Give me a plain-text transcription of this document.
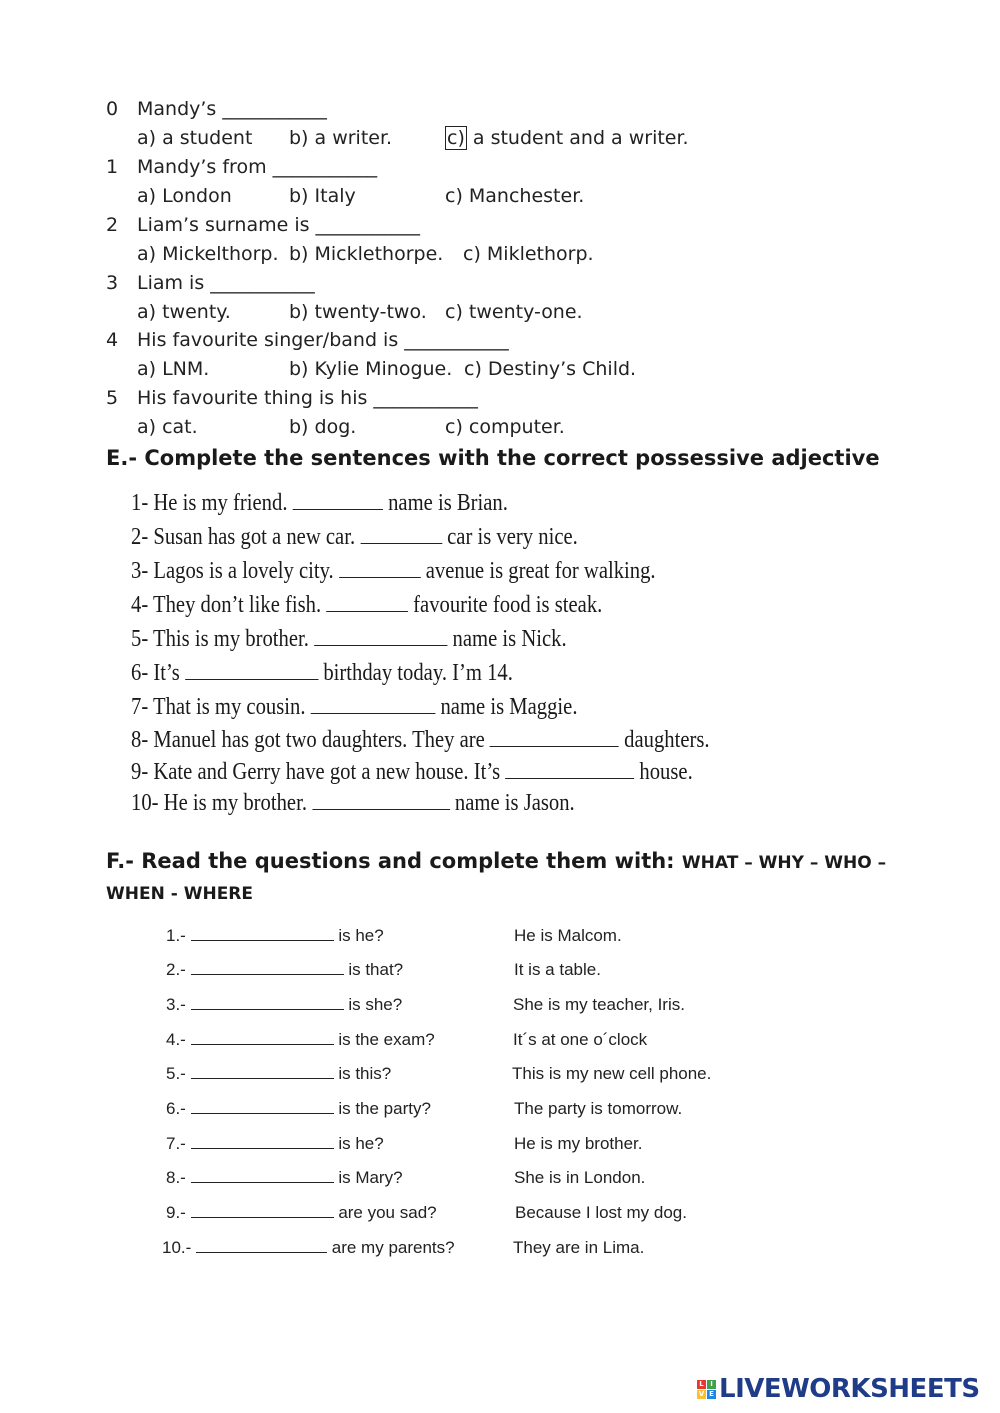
0 Mandy’s ___________
a) a student b) a writer.	c) a student and a writer.
1 Mandy’s from ___________
a) London	b) Italy	c) Manchester.
2 Liam’s surname is ___________
a) Mickelthorp. b) Micklethorpe. c) Miklethorp.
3 Liam is ___________
a) twenty.	b) twenty-two. c) twenty-one.
4 His favourite singer/band is ___________
a) LNM.	b) Kylie Minogue. c) Destiny’s Child.
5 His favourite thing is his ___________
a) cat.	b) dog.	c) computer.
E.- Complete the sentences with the correct possessive adjective
1- He is my friend.	name is Brian.
2- Susan has got a new car.	car is very nice.
3- Lagos is a lovely city.	avenue is great for walking.
4- They don’t like fish.	favourite food is steak.
5- This is my brother.	name is Nick.
6- It’s	birthday today. I’m 14.
7- That is my cousin.	name is Maggie.
8- Manuel has got two daughters. They are	daughters.
9- Kate and Gerry have got a new house. It’s	house.
10- He is my brother.	name is Jason.
F.- Read the questions and complete them with: WHAT – WHY – WHO –
WHEN - WHERE
1.-	is he?	He is Malcom.
2.-	is that?	It is a table.
3.-	is she?	She is my teacher, Iris.
4.-	is the exam?	It´s at one o´clock
5.-	is this?	This is my new cell phone.
6.-	is the party?	The party is tomorrow.
7.-	is he?	He is my brother.
8.-	is Mary?	She is in London.
9.-	are you sad?	Because I lost my dog.
10.-	are my parents?	They are in Lima.
L I
V E LIVEWORKSHEETS
